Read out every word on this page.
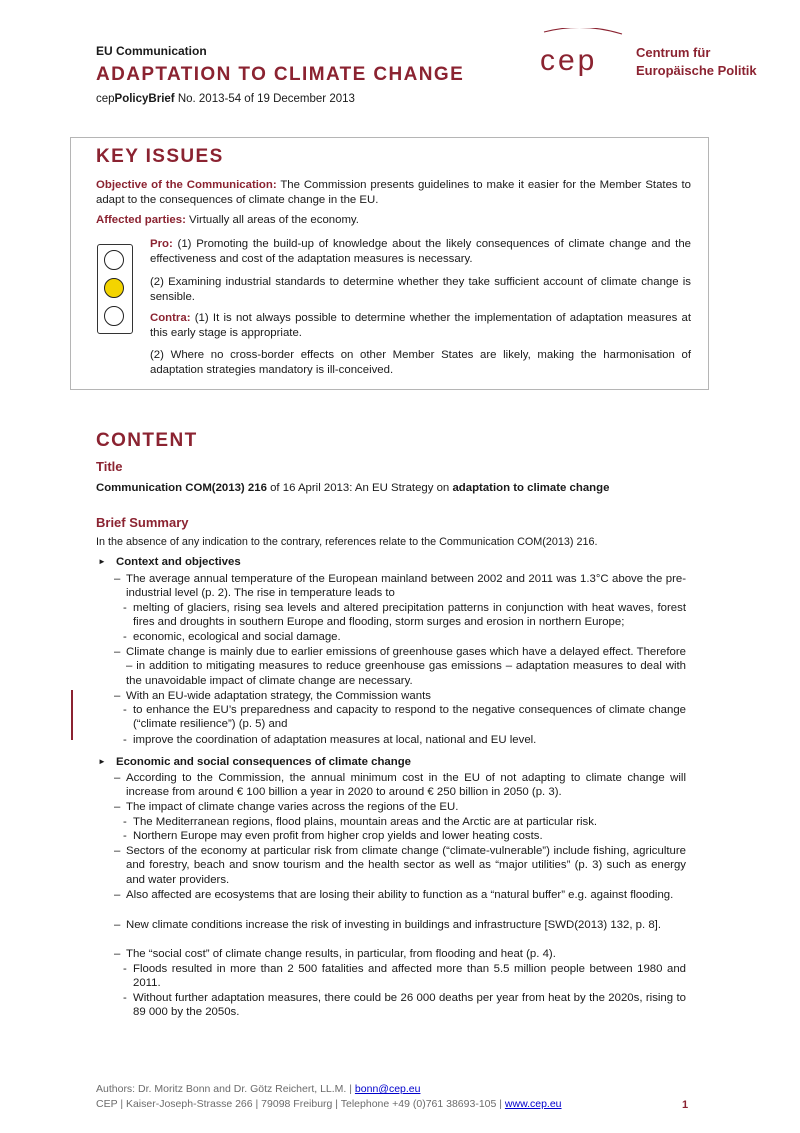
EU Communication
ADAPTATION TO CLIMATE CHANGE
cepPolicyBrief No. 2013-54 of 19 December 2013
cep	Centrum für
Europäische Politik
KEY ISSUES

Objective of the Communication: The Commission presents guidelines to make it easier for the Member States to adapt to the consequences of climate change in the EU.

Affected parties: Virtually all areas of the economy.

Pro: (1) Promoting the build-up of knowledge about the likely consequences of climate change and the effectiveness and cost of the adaptation measures is necessary.

(2) Examining industrial standards to determine whether they take sufficient account of climate change is sensible.

Contra: (1) It is not always possible to determine whether the implementation of adaptation measures at this early stage is appropriate.

(2) Where no cross-border effects on other Member States are likely, making the harmonisation of adaptation strategies mandatory is ill-conceived.

CONTENT
Title

Communication COM(2013) 216 of 16 April 2013: An EU Strategy on adaptation to climate change

Brief Summary

In the absence of any indication to the contrary, references relate to the Communication COM(2013) 216.

► Context and objectives
– The average annual temperature of the European mainland between 2002 and 2011 was 1.3°C above the pre-industrial level (p. 2). The rise in temperature leads to
- melting of glaciers, rising sea levels and altered precipitation patterns in conjunction with heat waves, forest fires and droughts in southern Europe and flooding, storm surges and erosion in northern Europe;
- economic, ecological and social damage.
– Climate change is mainly due to earlier emissions of greenhouse gases which have a delayed effect. Therefore – in addition to mitigating measures to reduce greenhouse gas emissions – adaptation measures to deal with the unavoidable impact of climate change are necessary.
– With an EU-wide adaptation strategy, the Commission wants
- to enhance the EU’s preparedness and capacity to respond to the negative consequences of climate change (“climate resilience”) (p. 5) and
- improve the coordination of adaptation measures at local, national and EU level.
► Economic and social consequences of climate change
– According to the Commission, the annual minimum cost in the EU of not adapting to climate change will increase from around € 100 billion a year in 2020 to around € 250 billion in 2050 (p. 3).
– The impact of climate change varies across the regions of the EU.
- The Mediterranean regions, flood plains, mountain areas and the Arctic are at particular risk.
- Northern Europe may even profit from higher crop yields and lower heating costs.
– Sectors of the economy at particular risk from climate change (“climate-vulnerable”) include fishing, agriculture and forestry, beach and snow tourism and the health sector as well as “major utilities” (p. 3) such as energy and water providers.
– Also affected are ecosystems that are losing their ability to function as a “natural buffer” e.g. against flooding.
– New climate conditions increase the risk of investing in buildings and infrastructure [SWD(2013) 132, p. 8].
– The “social cost” of climate change results, in particular, from flooding and heat (p. 4).
- Floods resulted in more than 2 500 fatalities and affected more than 5.5 million people between 1980 and 2011.
- Without further adaptation measures, there could be 26 000 deaths per year from heat by the 2020s, rising to 89 000 by the 2050s.
Authors: Dr. Moritz Bonn and Dr. Götz Reichert, LL.M. | bonn@cep.eu
CEP | Kaiser-Joseph-Strasse 266 | 79098 Freiburg | Telephone +49 (0)761 38693-105 | www.cep.eu	1
